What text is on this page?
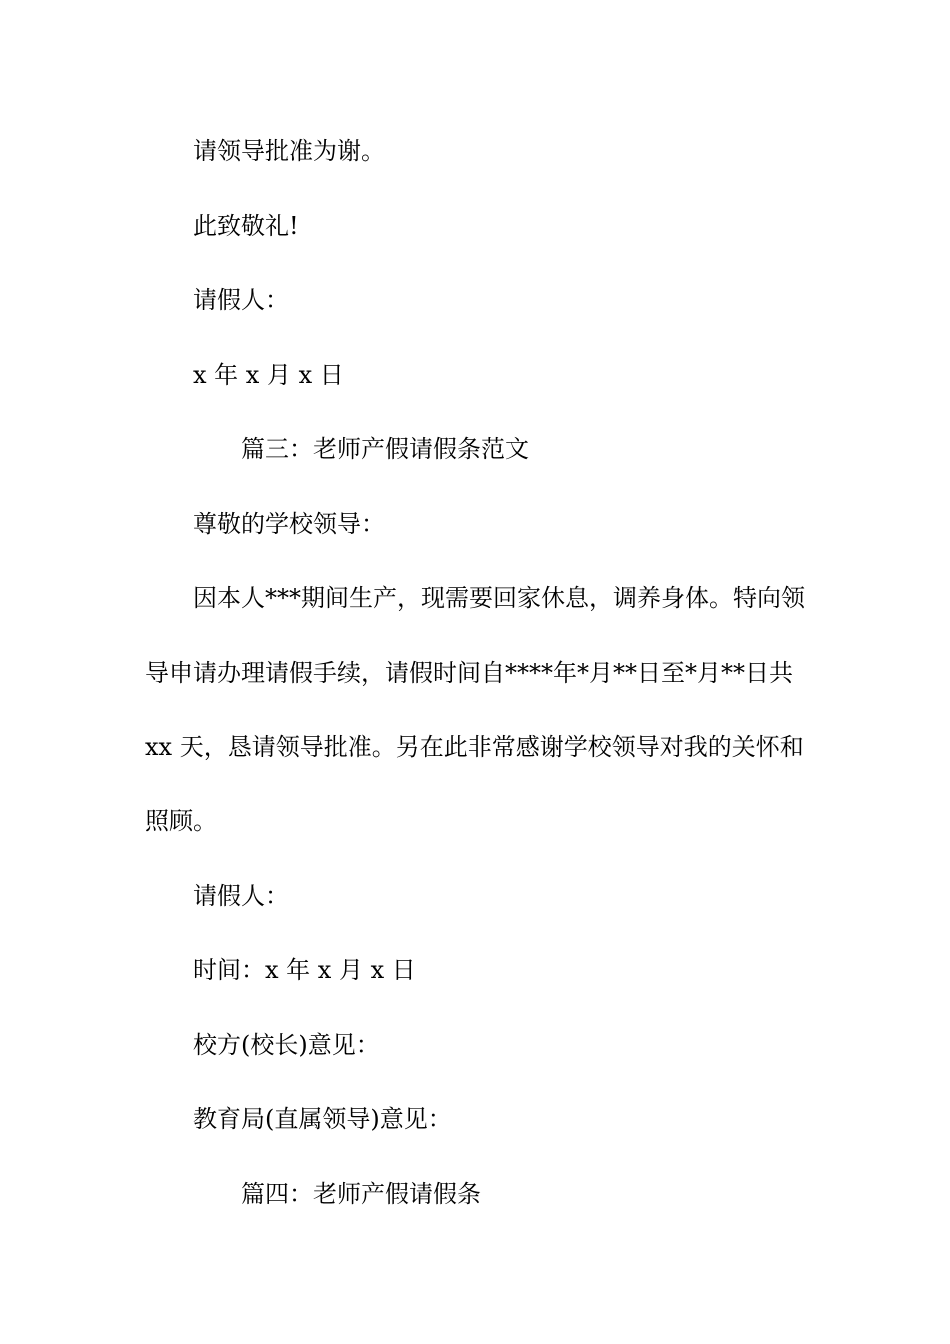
请领导批准为谢。

此致敬礼!

请假人：

x 年 x 月 x 日

篇三：老师产假请假条范文

尊敬的学校领导：

因本人***期间生产，现需要回家休息，调养身体。特向领

导申请办理请假手续，请假时间自****年*月**日至*月**日共

xx 天，恳请领导批准。另在此非常感谢学校领导对我的关怀和

照顾。

请假人：

时间：x 年 x 月 x 日

校方(校长)意见：

教育局(直属领导)意见：

篇四：老师产假请假条
